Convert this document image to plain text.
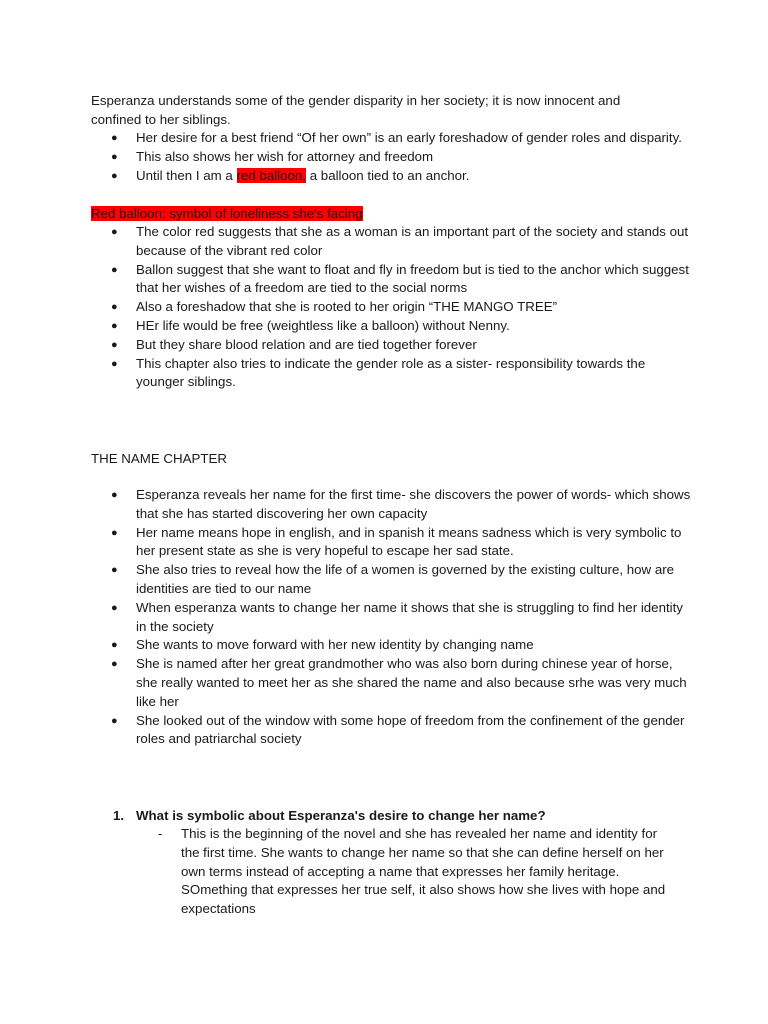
Esperanza understands some of the gender disparity in her society; it is now innocent and confined to her siblings.

● Her desire for a best friend “Of her own” is an early foreshadow of gender roles and disparity.
● This also shows her wish for attorney and freedom
● Until then I am a red balloon, a balloon tied to an anchor.

Red balloon: symbol of loneliness she's facing

● The color red suggests that she as a woman is an important part of the society and stands out because of the vibrant red color
● Ballon suggest that she want to float and fly in freedom but is tied to the anchor which suggest that her wishes of a freedom are tied to the social norms
● Also a foreshadow that she is rooted to her origin “THE MANGO TREE”
● HEr life would be free (weightless like a balloon) without Nenny.
● But they share blood relation and are tied together forever
● This chapter also tries to indicate the gender role as a sister- responsibility towards the younger siblings.

THE NAME CHAPTER

● Esperanza reveals her name for the first time- she discovers the power of words- which shows that she has started discovering her own capacity
● Her name means hope in english, and in spanish it means sadness which is very symbolic to her present state as she is very hopeful to escape her sad state.
● She also tries to reveal how the life of a women is governed by the existing culture, how are identities are tied to our name
● When esperanza wants to change her name it shows that she is struggling to find her identity in the society
● She wants to move forward with her new identity by changing name
● She is named after her great grandmother who was also born during chinese year of horse, she really wanted to meet her as she shared the name and also because srhe was very much like her
● She looked out of the window with some hope of freedom from the confinement of the gender roles and patriarchal society

1. What is symbolic about Esperanza's desire to change her name?

-	This is the beginning of the novel and she has revealed her name and identity for the first time. She wants to change her name so that she can define herself on her own terms instead of accepting a name that expresses her family heritage. SOmething that expresses her true self, it also shows how she lives with hope and expectations
